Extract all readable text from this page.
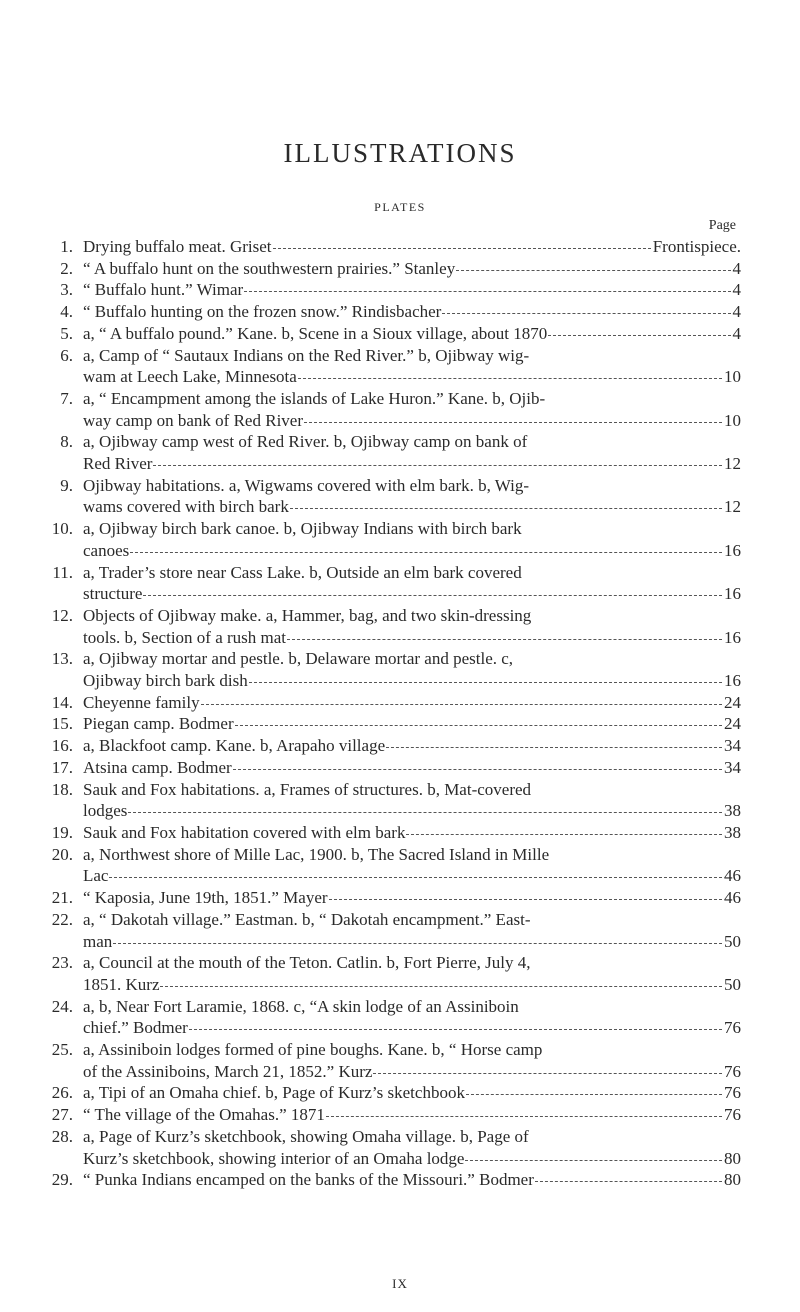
ILLUSTRATIONS
PLATES
Page
1. Drying buffalo meat. Griset	Frontispiece.
2. “ A buffalo hunt on the southwestern prairies.” Stanley	4
3. “ Buffalo hunt.” Wimar	4
4. “ Buffalo hunting on the frozen snow.” Rindisbacher	4
5. a, “ A buffalo pound.” Kane. b, Scene in a Sioux village, about 1870	4
6. a, Camp of “ Sautaux Indians on the Red River.” b, Ojibway wig-
wam at Leech Lake, Minnesota	10
7. a, “ Encampment among the islands of Lake Huron.” Kane. b, Ojib-
way camp on bank of Red River	10
8. a, Ojibway camp west of Red River. b, Ojibway camp on bank of
Red River	12
9. Ojibway habitations. a, Wigwams covered with elm bark. b, Wig-
wams covered with birch bark	12
10. a, Ojibway birch bark canoe. b, Ojibway Indians with birch bark
canoes	16
11. a, Trader’s store near Cass Lake. b, Outside an elm bark covered
structure	16
12. Objects of Ojibway make. a, Hammer, bag, and two skin-dressing
tools. b, Section of a rush mat	16
13. a, Ojibway mortar and pestle. b, Delaware mortar and pestle. c,
Ojibway birch bark dish	16
14. Cheyenne family	24
15. Piegan camp. Bodmer	24
16. a, Blackfoot camp. Kane. b, Arapaho village	34
17. Atsina camp. Bodmer	34
18. Sauk and Fox habitations. a, Frames of structures. b, Mat-covered
lodges	38
19. Sauk and Fox habitation covered with elm bark	38
20. a, Northwest shore of Mille Lac, 1900. b, The Sacred Island in Mille
Lac	46
21. “ Kaposia, June 19th, 1851.” Mayer	46
22. a, “ Dakotah village.” Eastman. b, “ Dakotah encampment.” East-
man	50
23. a, Council at the mouth of the Teton. Catlin. b, Fort Pierre, July 4,
1851. Kurz	50
24. a, b, Near Fort Laramie, 1868. c, “A skin lodge of an Assiniboin
chief.” Bodmer	76
25. a, Assiniboin lodges formed of pine boughs. Kane. b, “ Horse camp
of the Assiniboins, March 21, 1852.” Kurz	76
26. a, Tipi of an Omaha chief. b, Page of Kurz’s sketchbook	76
27. “ The village of the Omahas.” 1871	76
28. a, Page of Kurz’s sketchbook, showing Omaha village. b, Page of
Kurz’s sketchbook, showing interior of an Omaha lodge	80
29. “ Punka Indians encamped on the banks of the Missouri.” Bodmer	80
IX
